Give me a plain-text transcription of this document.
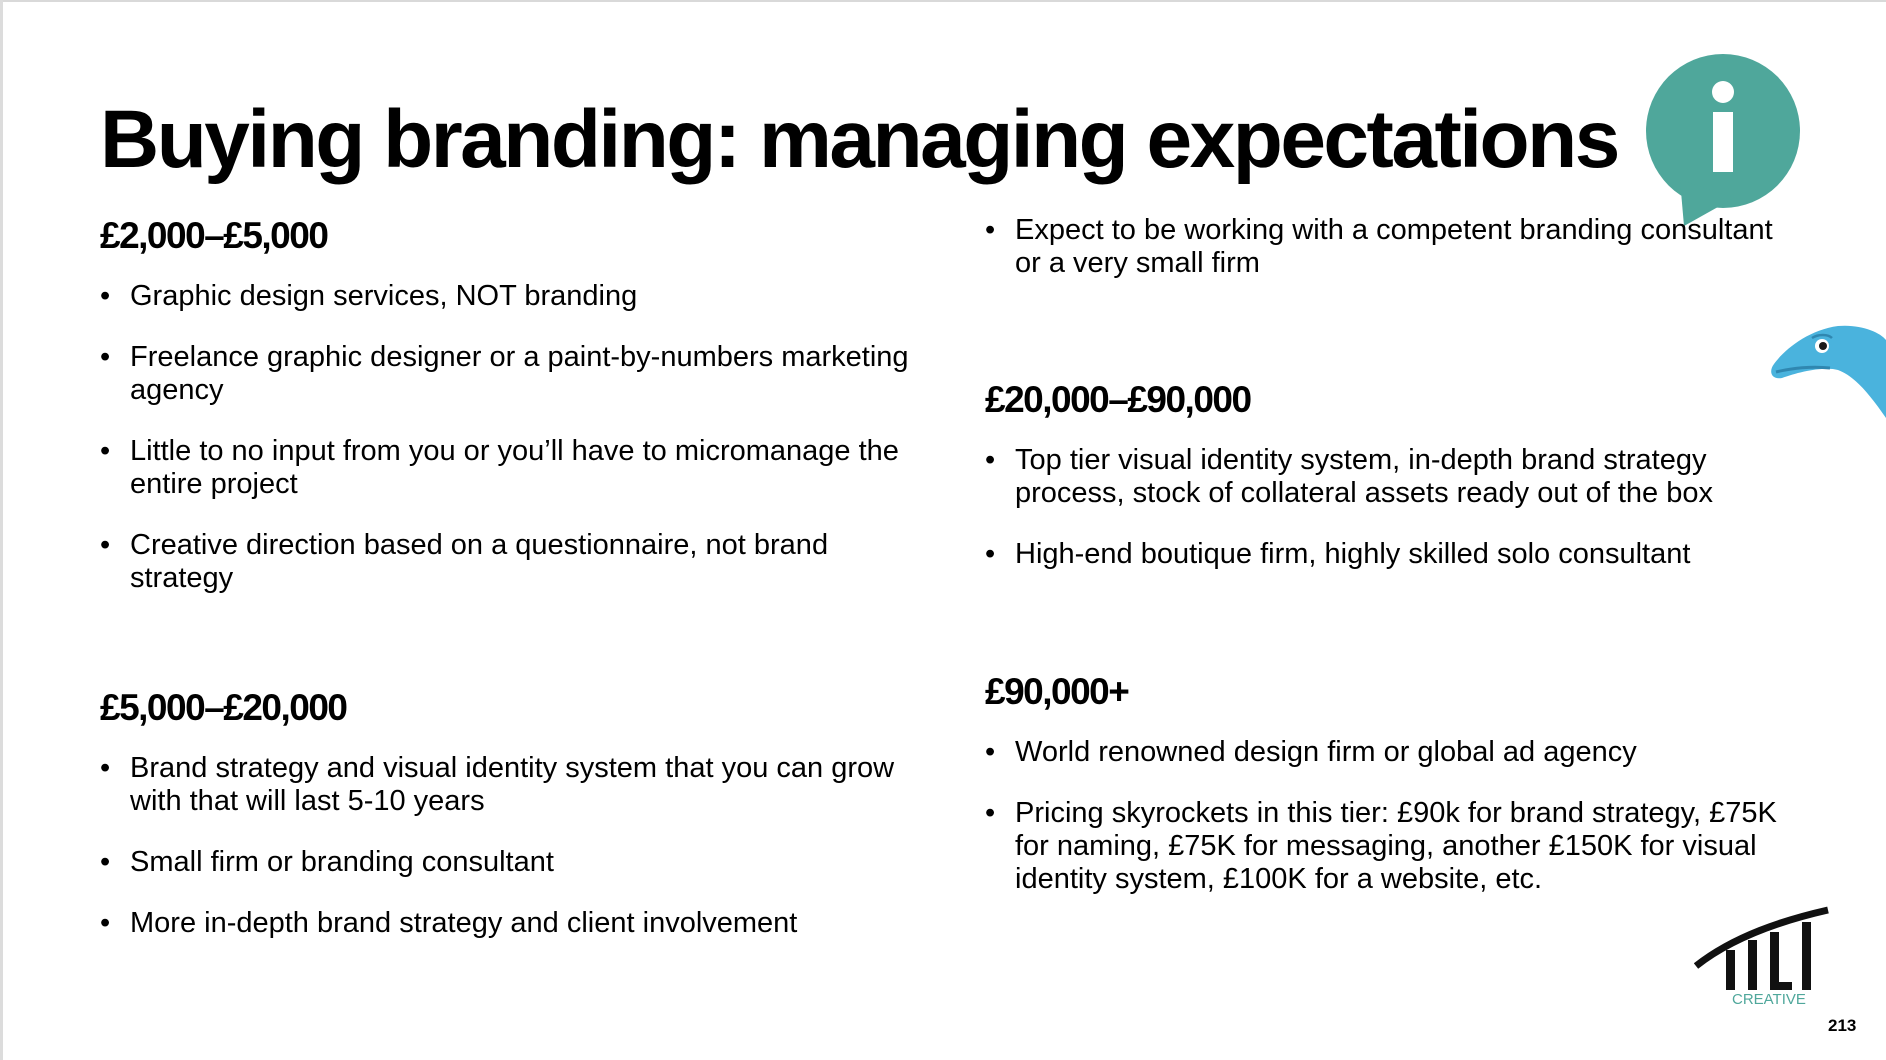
Buying branding: managing expectations
£2,000–£5,000
• Graphic design services, NOT branding
• Freelance graphic designer or a paint-by-numbers marketing agency
• Little to no input from you or you’ll have to micromanage the entire project
• Creative direction based on a questionnaire, not brand strategy
£5,000–£20,000
• Brand strategy and visual identity system that you can grow with that will last 5-10 years
• Small firm or branding consultant
• More in-depth brand strategy and client involvement
• Expect to be working with a competent branding consultant or a very small firm
£20,000–£90,000
• Top tier visual identity system, in-depth brand strategy process, stock of collateral assets ready out of the box
• High-end boutique firm, highly skilled solo consultant
£90,000+
• World renowned design firm or global ad agency
• Pricing skyrockets in this tier: £90k for brand strategy, £75K for naming, £75K for messaging, another £150K for visual identity system, £100K for a website, etc.
™
CREATIVE
213
